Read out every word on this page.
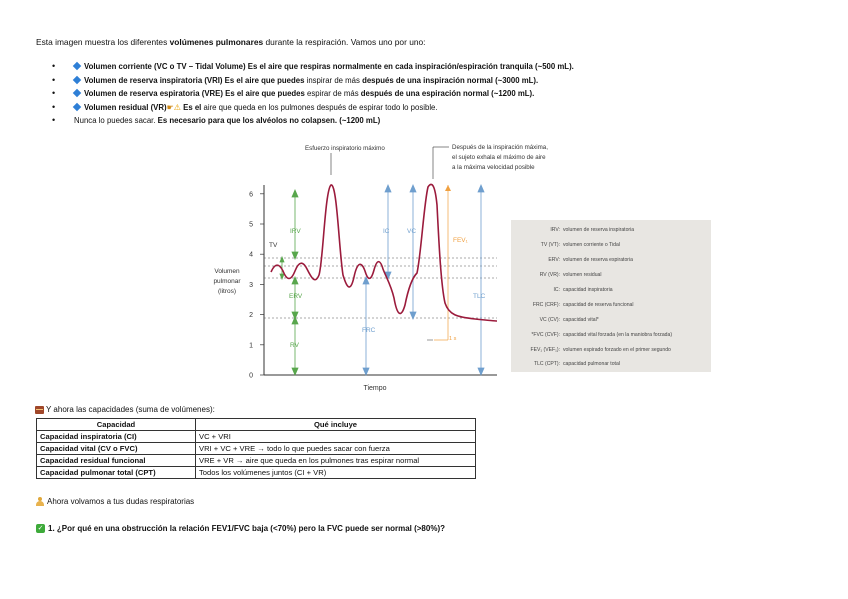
Esta imagen muestra los diferentes volúmenes pulmonares durante la respiración. Vamos uno por uno:
• Volumen corriente (VC o TV – Tidal Volume) Es el aire que respiras normalmente en cada inspiración/espiración tranquila (~500 mL).
• Volumen de reserva inspiratoria (VRI) Es el aire que puedes inspirar de más después de una inspiración normal (~3000 mL).
• Volumen de reserva espiratoria (VRE) Es el aire que puedes espirar de más después de una espiración normal (~1200 mL).
• Volumen residual (VR)☛⚠ Es el aire que queda en los pulmones después de espirar todo lo posible.
• Nunca lo puedes sacar. Es necesario para que los alvéolos no colapsen. (~1200 mL)
Esfuerzo inspiratorio máximo	Después de la inspiración máxima,
el sujeto exhala el máximo de aire
a la máxima velocidad posible
Volumen
pulmonar
(litros)
Tiempo
0
1
2
3
4
5
6
FEV₁
1 s
IRV
TV
ERV
RV
FRC
IC	VC
TLC
IRV: volumen de reserva inspiratoria
TV (VT): volumen corriente o Tidal
ERV: volumen de reserva espiratoria
RV (VR): volumen residual
IC: capacidad inspiratoria
FRC (CRF): capacidad de reserva funcional
VC (CV): capacidad vital*
*FVC (CVF): capacidad vital forzada (en la maniobra forzada)
FEV₁ (VEF₁): volumen espirado forzado en el primer segundo
TLC (CPT): capacidad pulmonar total
Y ahora las capacidades (suma de volúmenes):
Capacidad	Qué incluye
Capacidad inspiratoria (CI)	VC + VRI
Capacidad vital (CV o FVC)	VRI + VC + VRE → todo lo que puedes sacar con fuerza
Capacidad residual funcional	VRE + VR → aire que queda en los pulmones tras espirar normal
Capacidad pulmonar total (CPT)	Todos los volúmenes juntos (CI + VR)
Ahora volvamos a tus dudas respiratorias
✓ 1. ¿Por qué en una obstrucción la relación FEV1/FVC baja (<70%) pero la FVC puede ser normal (>80%)?
